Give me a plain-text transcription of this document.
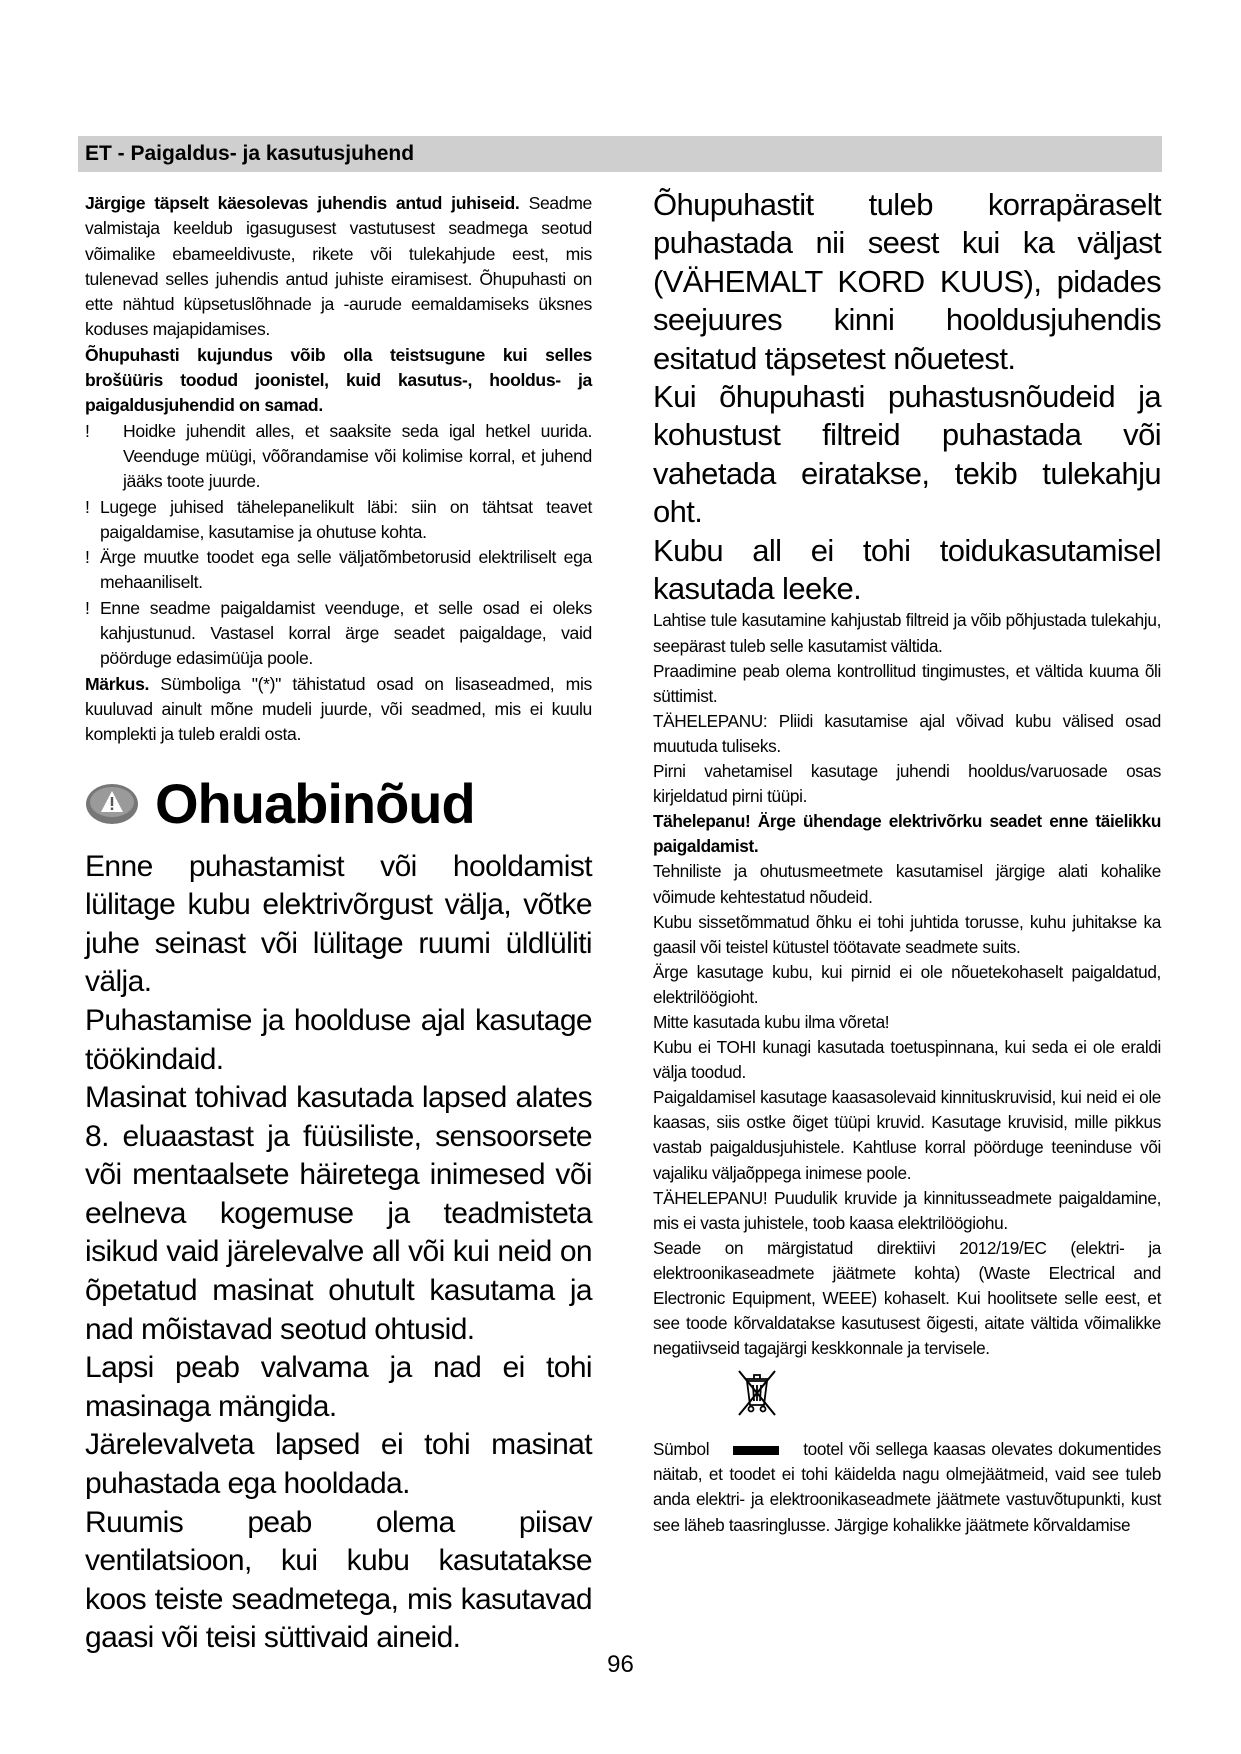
ET - Paigaldus- ja kasutusjuhend

Järgige täpselt käesolevas juhendis antud juhiseid. Seadme valmistaja keeldub igasugusest vastutusest seadmega seotud võimalike ebameeldivuste, rikete või tulekahjude eest, mis tulenevad selles juhendis antud juhiste eiramisest. Õhupuhasti on ette nähtud küpsetuslõhnade ja -aurude eemaldamiseks üksnes koduses majapidamises.

Õhupuhasti kujundus võib olla teistsugune kui selles brošüüris toodud joonistel, kuid kasutus-, hooldus- ja paigaldusjuhendid on samad.

!	Hoidke juhendit alles, et saaksite seda igal hetkel uurida. Veenduge müügi, võõrandamise või kolimise korral, et juhend jääks toote juurde.
! Lugege juhised tähelepanelikult läbi: siin on tähtsat teavet paigaldamise, kasutamise ja ohutuse kohta.
! Ärge muutke toodet ega selle väljatõmbetorusid elektriliselt ega mehaaniliselt.
! Enne seadme paigaldamist veenduge, et selle osad ei oleks kahjustunud. Vastasel korral ärge seadet paigaldage, vaid pöörduge edasimüüja poole.

Märkus. Sümboliga "(*)" tähistatud osad on lisaseadmed, mis kuuluvad ainult mõne mudeli juurde, või seadmed, mis ei kuulu komplekti ja tuleb eraldi osta.

Ohuabinõud

Enne puhastamist või hooldamist lülitage kubu elektrivõrgust välja, võtke juhe seinast või lülitage ruumi üldlüliti välja.

Puhastamise ja hoolduse ajal kasutage töökindaid.

Masinat tohivad kasutada lapsed alates 8. eluaastast ja füüsiliste, sensoorsete või mentaalsete häiretega inimesed või eelneva kogemuse ja teadmisteta isikud vaid järelevalve all või kui neid on õpetatud masinat ohutult kasutama ja nad mõistavad seotud ohtusid.

Lapsi peab valvama ja nad ei tohi masinaga mängida.

Järelevalveta lapsed ei tohi masinat puhastada ega hooldada.

Ruumis peab olema piisav ventilatsioon, kui kubu kasutatakse koos teiste seadmetega, mis kasutavad gaasi või teisi süttivaid aineid.

Õhupuhastit tuleb korrapäraselt puhastada nii seest kui ka väljast (VÄHEMALT KORD KUUS), pidades seejuures kinni hooldusjuhendis esitatud täpsetest nõuetest.

Kui õhupuhasti puhastusnõudeid ja kohustust filtreid puhastada või vahetada eiratakse, tekib tulekahju oht.

Kubu all ei tohi toidukasutamisel kasutada leeke.

Lahtise tule kasutamine kahjustab filtreid ja võib põhjustada tulekahju, seepärast tuleb selle kasutamist vältida.

Praadimine peab olema kontrollitud tingimustes, et vältida kuuma õli süttimist.

TÄHELEPANU: Pliidi kasutamise ajal võivad kubu välised osad muutuda tuliseks.

Pirni vahetamisel kasutage juhendi hooldus/varuosade osas kirjeldatud pirni tüüpi.

Tähelepanu! Ärge ühendage elektrivõrku seadet enne täielikku paigaldamist.

Tehniliste ja ohutusmeetmete kasutamisel järgige alati kohalike võimude kehtestatud nõudeid.

Kubu sissetõmmatud õhku ei tohi juhtida torusse, kuhu juhitakse ka gaasil või teistel kütustel töötavate seadmete suits.

Ärge kasutage kubu, kui pirnid ei ole nõuetekohaselt paigaldatud, elektrilöögioht.

Mitte kasutada kubu ilma võreta!

Kubu ei TOHI kunagi kasutada toetuspinnana, kui seda ei ole eraldi välja toodud.

Paigaldamisel kasutage kaasasolevaid kinnituskruvisid, kui neid ei ole kaasas, siis ostke õiget tüüpi kruvid. Kasutage kruvisid, mille pikkus vastab paigaldusjuhistele. Kahtluse korral pöörduge teeninduse või vajaliku väljaõppega inimese poole.

TÄHELEPANU! Puudulik kruvide ja kinnitusseadmete paigaldamine, mis ei vasta juhistele, toob kaasa elektrilöögiohu.

Seade on märgistatud direktiivi 2012/19/EC (elektri- ja elektroonikaseadmete jäätmete kohta) (Waste Electrical and Electronic Equipment, WEEE) kohaselt. Kui hoolitsete selle eest, et see toode kõrvaldatakse kasutusest õigesti, aitate vältida võimalikke negatiivseid tagajärgi keskkonnale ja tervisele.

Sümbol	tootel või sellega kaasas olevates dokumentides näitab, et toodet ei tohi käidelda nagu olmejäätmeid, vaid see tuleb anda elektri- ja elektroonikaseadmete jäätmete vastuvõtupunkti, kust see läheb taasringlusse. Järgige kohalikke jäätmete kõrvaldamise

96
